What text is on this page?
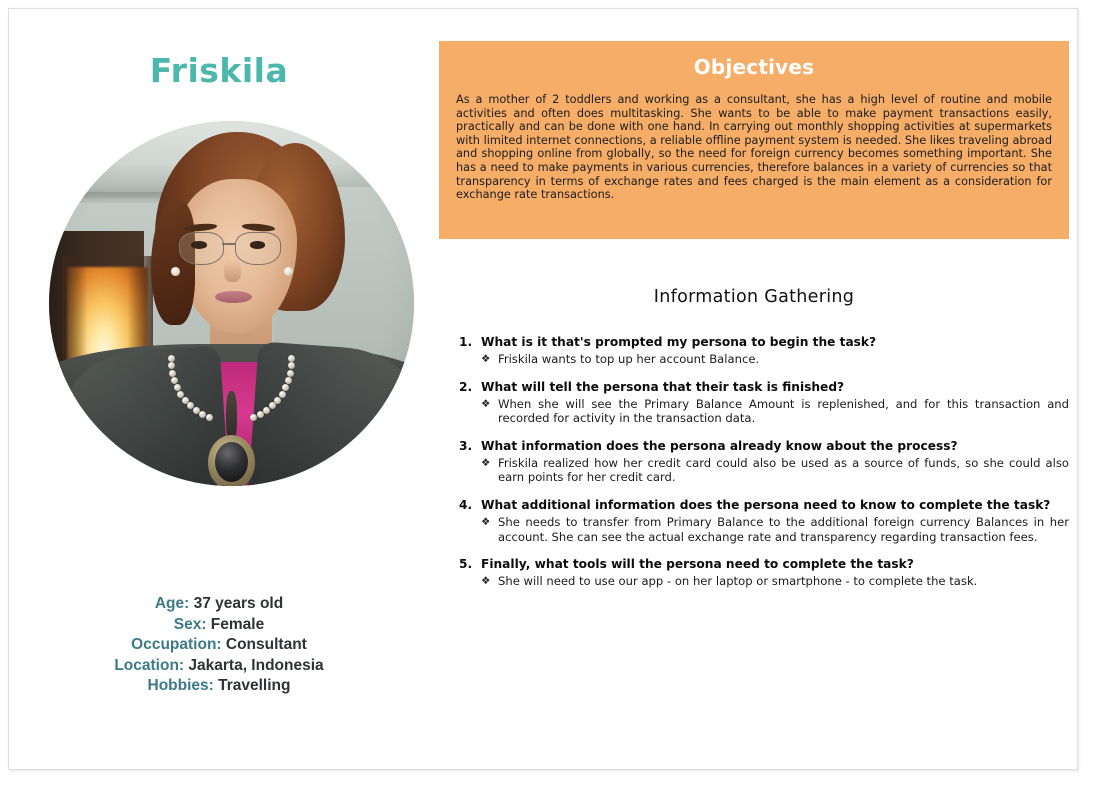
Friskila
Age: 37 years old
Sex: Female
Occupation: Consultant
Location: Jakarta, Indonesia
Hobbies: Travelling
Objectives
As a mother of 2 toddlers and working as a consultant, she has a high level of routine and mobile activities and often does multitasking. She wants to be able to make payment transactions easily, practically and can be done with one hand. In carrying out monthly shopping activities at supermarkets with limited internet connections, a reliable offline payment system is needed. She likes traveling abroad and shopping online from globally, so the need for foreign currency becomes something important. She has a need to make payments in various currencies, therefore balances in a variety of currencies so that transparency in terms of exchange rates and fees charged is the main element as a consideration for exchange rate transactions.
Information Gathering
1. What is it that's prompted my persona to begin the task?
❖ Friskila wants to top up her account Balance.
2. What will tell the persona that their task is finished?
❖ When she will see the Primary Balance Amount is replenished, and for this transaction and recorded for activity in the transaction data.
3. What information does the persona already know about the process?
❖ Friskila realized how her credit card could also be used as a source of funds, so she could also earn points for her credit card.
4. What additional information does the persona need to know to complete the task?
❖ She needs to transfer from Primary Balance to the additional foreign currency Balances in her account. She can see the actual exchange rate and transparency regarding transaction fees.
5. Finally, what tools will the persona need to complete the task?
❖ She will need to use our app - on her laptop or smartphone - to complete the task.
